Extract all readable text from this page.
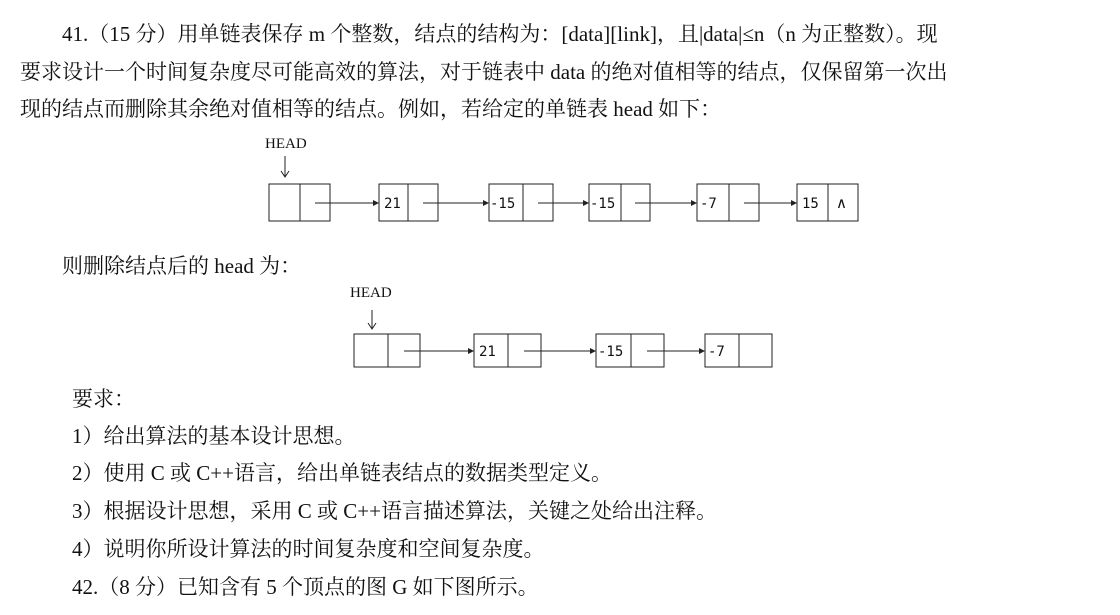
41.（15 分）用单链表保存 m 个整数，结点的结构为：[data][link]，且|data|≤n（n 为正整数）。现
要求设计一个时间复杂度尽可能高效的算法，对于链表中 data 的绝对值相等的结点，仅保留第一次出
现的结点而删除其余绝对值相等的结点。例如，若给定的单链表 head 如下：
HEAD
21	-15	-15	-7	15 ∧
则删除结点后的 head 为：
HEAD
21	-15	-7
要求：
1）给出算法的基本设计思想。
2）使用 C 或 C++语言，给出单链表结点的数据类型定义。
3）根据设计思想，采用 C 或 C++语言描述算法，关键之处给出注释。
4）说明你所设计算法的时间复杂度和空间复杂度。
42.（8 分）已知含有 5 个顶点的图 G 如下图所示。
